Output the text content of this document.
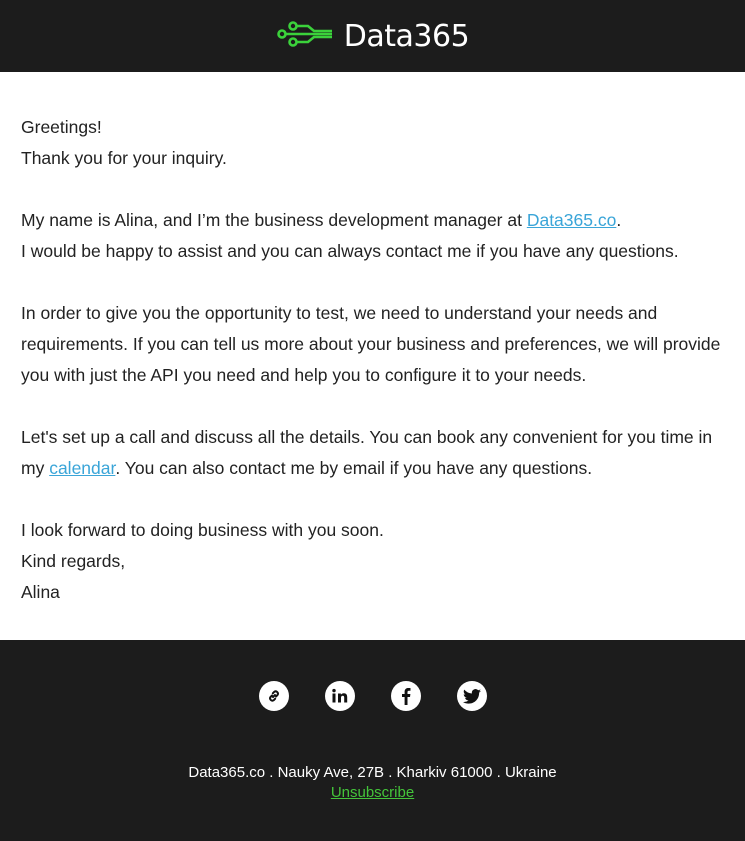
Data365

Greetings!
Thank you for your inquiry.

My name is Alina, and I’m the business development manager at Data365.co.
I would be happy to assist and you can always contact me if you have any questions.

In order to give you the opportunity to test, we need to understand your needs and requirements. If you can tell us more about your business and preferences, we will provide you with just the API you need and help you to configure it to your needs.

Let's set up a call and discuss all the details. You can book any convenient for you time in my calendar. You can also contact me by email if you have any questions.

I look forward to doing business with you soon.
Kind regards,
Alina

Data365.co . Nauky Ave, 27B . Kharkiv 61000 . Ukraine
Unsubscribe
